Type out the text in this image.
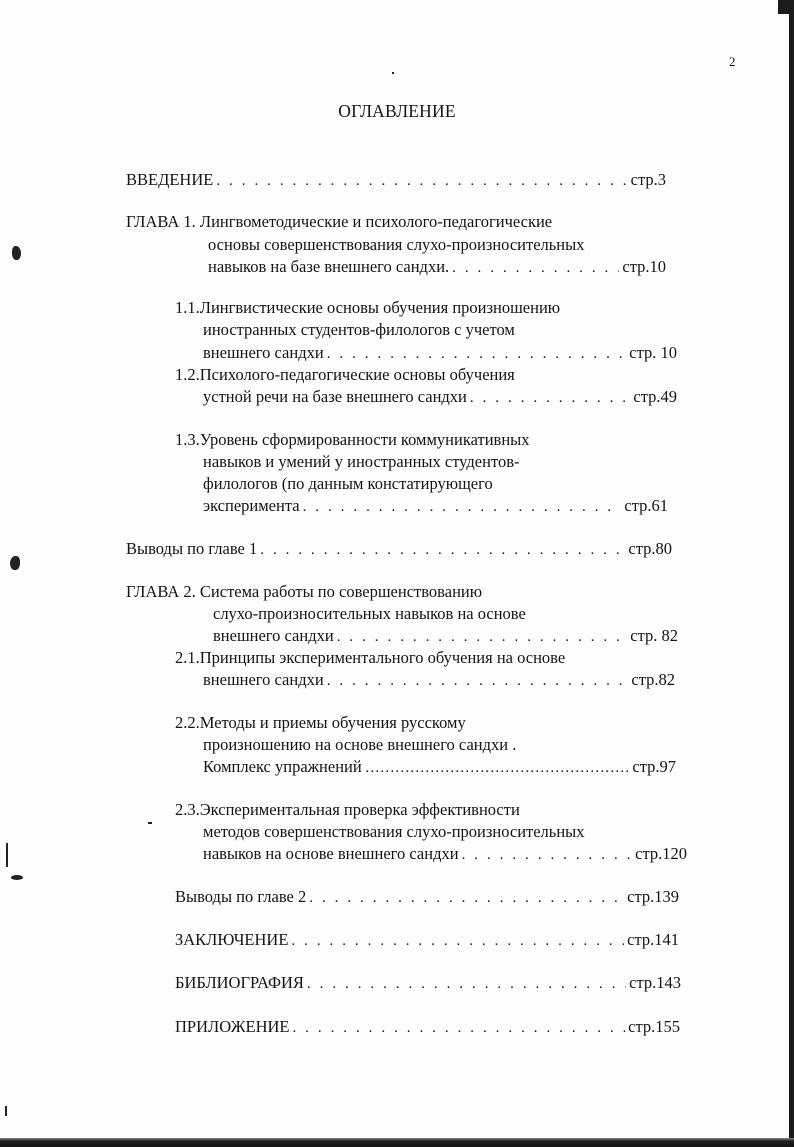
2

ОГЛАВЛЕНИЕ
ВВЕДЕНИЕ . . .	стр.3

ГЛАВА 1. Лингвометодические и психолого-педагогические

основы совершенствования слухо-произносительных

навыков на базе внешнего сандхи. . . .	стр.10

1.1.Лингвистические основы обучения произношению

иностранных студентов-филологов с учетом

внешнего сандхи . . .	стр. 10

1.2.Психолого-педагогические основы обучения

устной речи на базе внешнего сандхи . . .	стр.49

1.3.Уровень сформированности коммуникативных

навыков и умений у иностранных студентов-

филологов (по данным констатирующего

эксперимента . . .	стр.61
Выводы по главе 1 . . .	стр.80

ГЛАВА 2. Система работы по совершенствованию

слухо-произносительных навыков на основе

внешнего сандхи . . .	стр. 82

2.1.Принципы экспериментального обучения на основе

внешнего сандхи . . .	стр.82

2.2.Методы и приемы обучения русскому

произношению на основе внешнего сандхи .

Комплекс упражнений …………………………………………………………………………………………………………………………………………………………	стр.97

2.3.Экспериментальная проверка эффективности

методов совершенствования слухо-произносительных

навыков на основе внешнего сандхи . . .	стр.120
Выводы по главе 2 . . .	стр.139
ЗАКЛЮЧЕНИЕ . . .	стр.141
БИБЛИОГРАФИЯ . . .	стр.143
ПРИЛОЖЕНИЕ . . .	стр.155
